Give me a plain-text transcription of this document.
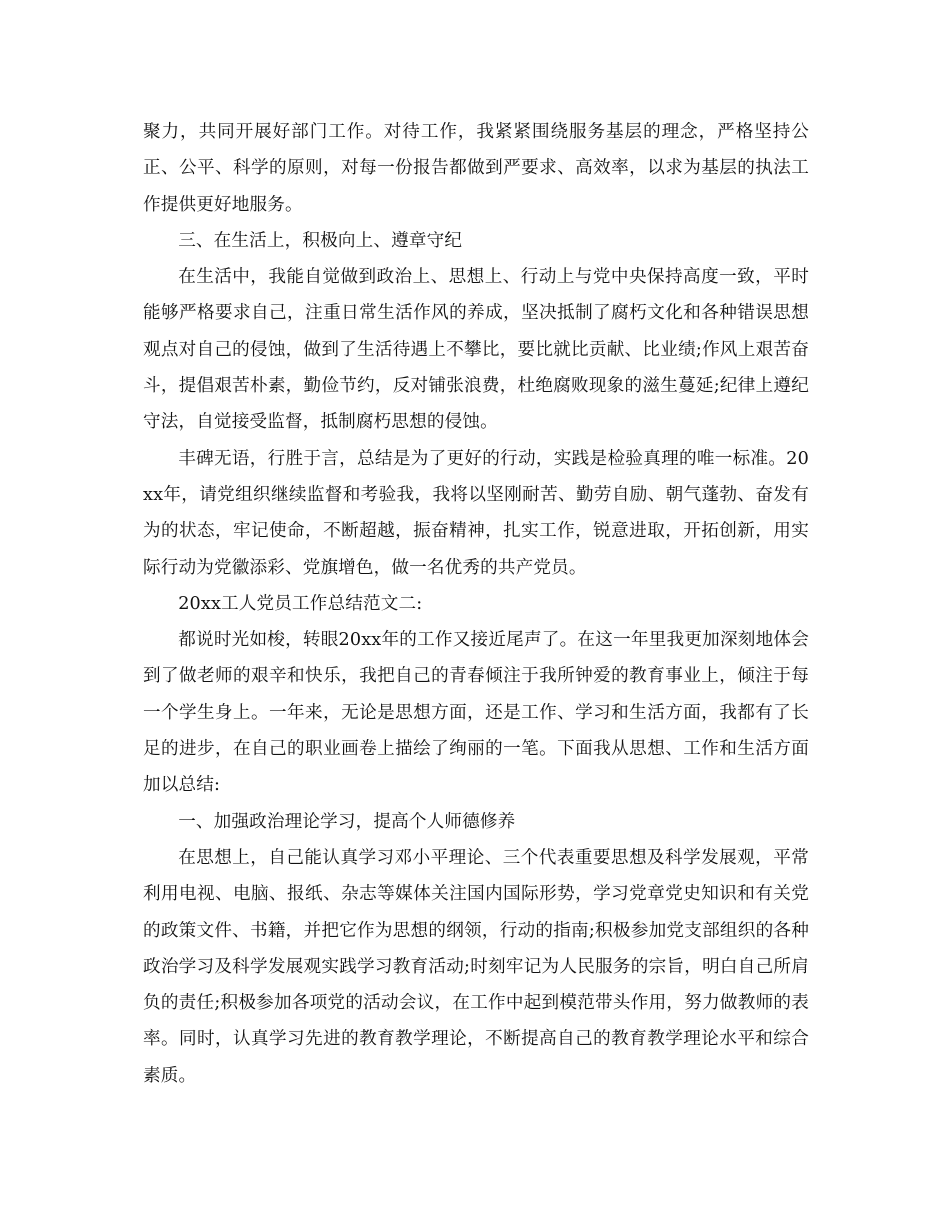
聚力，共同开展好部门工作。对待工作，我紧紧围绕服务基层的理念，严格坚持公正、公平、科学的原则，对每一份报告都做到严要求、高效率，以求为基层的执法工作提供更好地服务。

三、在生活上，积极向上、遵章守纪

在生活中，我能自觉做到政治上、思想上、行动上与党中央保持高度一致，平时能够严格要求自己，注重日常生活作风的养成，坚决抵制了腐朽文化和各种错误思想观点对自己的侵蚀，做到了生活待遇上不攀比，要比就比贡献、比业绩;作风上艰苦奋斗，提倡艰苦朴素，勤俭节约，反对铺张浪费，杜绝腐败现象的滋生蔓延;纪律上遵纪守法，自觉接受监督，抵制腐朽思想的侵蚀。

丰碑无语，行胜于言，总结是为了更好的行动，实践是检验真理的唯一标准。20xx年，请党组织继续监督和考验我，我将以坚刚耐苦、勤劳自励、朝气蓬勃、奋发有为的状态，牢记使命，不断超越，振奋精神，扎实工作，锐意进取，开拓创新，用实际行动为党徽添彩、党旗增色，做一名优秀的共产党员。

20xx工人党员工作总结范文二:

都说时光如梭，转眼20xx年的工作又接近尾声了。在这一年里我更加深刻地体会到了做老师的艰辛和快乐，我把自己的青春倾注于我所钟爱的教育事业上，倾注于每一个学生身上。一年来，无论是思想方面，还是工作、学习和生活方面，我都有了长足的进步，在自己的职业画卷上描绘了绚丽的一笔。下面我从思想、工作和生活方面加以总结:

一、加强政治理论学习，提高个人师德修养

在思想上，自己能认真学习邓小平理论、三个代表重要思想及科学发展观，平常利用电视、电脑、报纸、杂志等媒体关注国内国际形势，学习党章党史知识和有关党的政策文件、书籍，并把它作为思想的纲领，行动的指南;积极参加党支部组织的各种政治学习及科学发展观实践学习教育活动;时刻牢记为人民服务的宗旨，明白自己所肩负的责任;积极参加各项党的活动会议，在工作中起到模范带头作用，努力做教师的表率。同时，认真学习先进的教育教学理论，不断提高自己的教育教学理论水平和综合素质。
